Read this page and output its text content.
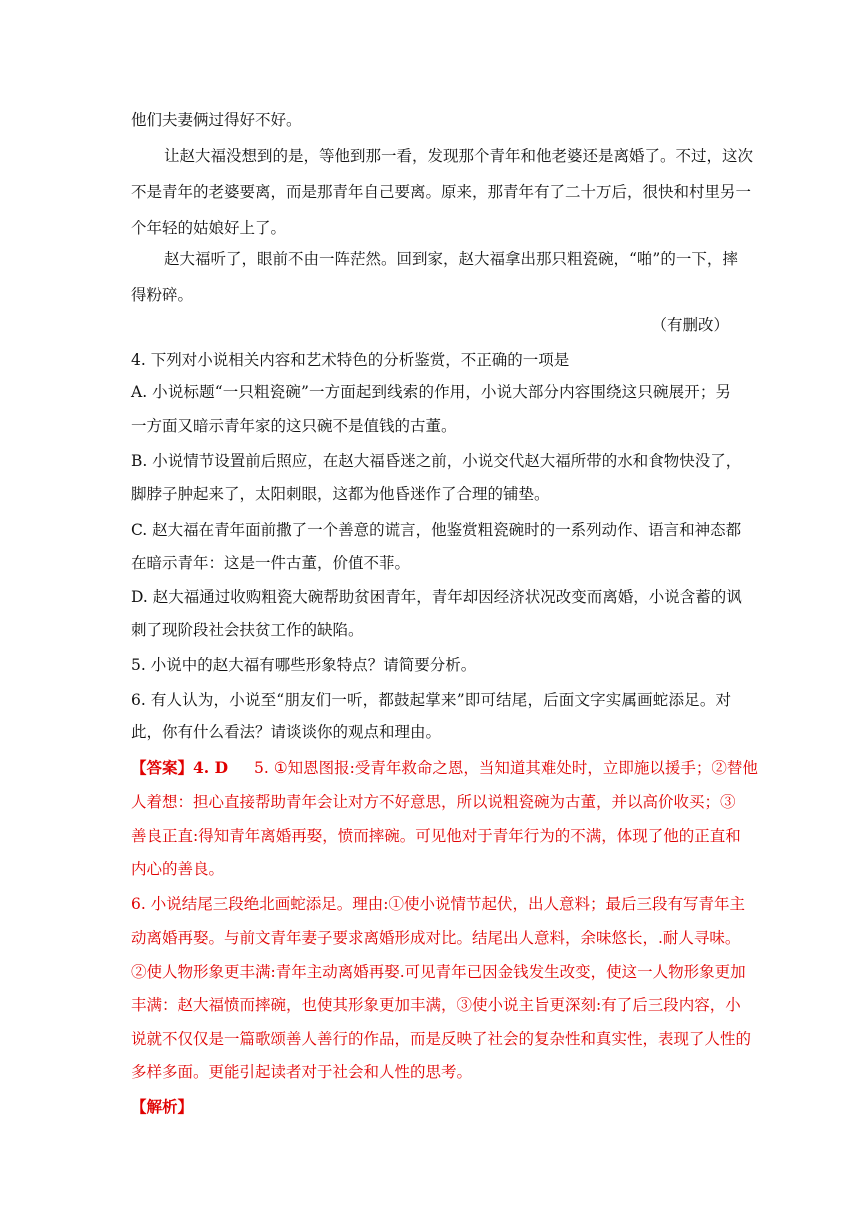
他们夫妻俩过得好不好。
让赵大福没想到的是，等他到那一看，发现那个青年和他老婆还是离婚了。不过，这次
不是青年的老婆要离，而是那青年自己要离。原来，那青年有了二十万后，很快和村里另一
个年轻的姑娘好上了。
赵大福听了，眼前不由一阵茫然。回到家，赵大福拿出那只粗瓷碗，“啪”的一下，摔
得粉碎。
（有删改）
4. 下列对小说相关内容和艺术特色的分析鉴赏，不正确的一项是
A. 小说标题“一只粗瓷碗”一方面起到线索的作用，小说大部分内容围绕这只碗展开；另
一方面又暗示青年家的这只碗不是值钱的古董。
B. 小说情节设置前后照应，在赵大福昏迷之前，小说交代赵大福所带的水和食物快没了，
脚脖子肿起来了，太阳刺眼，这都为他昏迷作了合理的铺垫。
C. 赵大福在青年面前撒了一个善意的谎言，他鉴赏粗瓷碗时的一系列动作、语言和神态都
在暗示青年：这是一件古董，价值不菲。
D. 赵大福通过收购粗瓷大碗帮助贫困青年，青年却因经济状况改变而离婚，小说含蓄的讽
刺了现阶段社会扶贫工作的缺陷。
5. 小说中的赵大福有哪些形象特点？请简要分析。
6. 有人认为，小说至“朋友们一听，都鼓起掌来”即可结尾，后面文字实属画蛇添足。对
此，你有什么看法？请谈谈你的观点和理由。
【答案】4. D 5. ①知恩图报:受青年救命之恩，当知道其难处时，立即施以援手；②替他
人着想：担心直接帮助青年会让对方不好意思，所以说粗瓷碗为古董，并以高价收买；③
善良正直:得知青年离婚再娶，愤而摔碗。可见他对于青年行为的不满，体现了他的正直和
内心的善良。
6. 小说结尾三段绝北画蛇添足。理由:①使小说情节起伏，出人意料；最后三段有写青年主
动离婚再娶。与前文青年妻子要求离婚形成对比。结尾出人意料，余味悠长，.耐人寻味。
②使人物形象更丰满:青年主动离婚再娶.可见青年已因金钱发生改变，使这一人物形象更加
丰满：赵大福愤而摔碗，也使其形象更加丰满，③使小说主旨更深刻:有了后三段内容，小
说就不仅仅是一篇歌颂善人善行的作品，而是反映了社会的复杂性和真实性，表现了人性的
多样多面。更能引起读者对于社会和人性的思考。
【解析】
